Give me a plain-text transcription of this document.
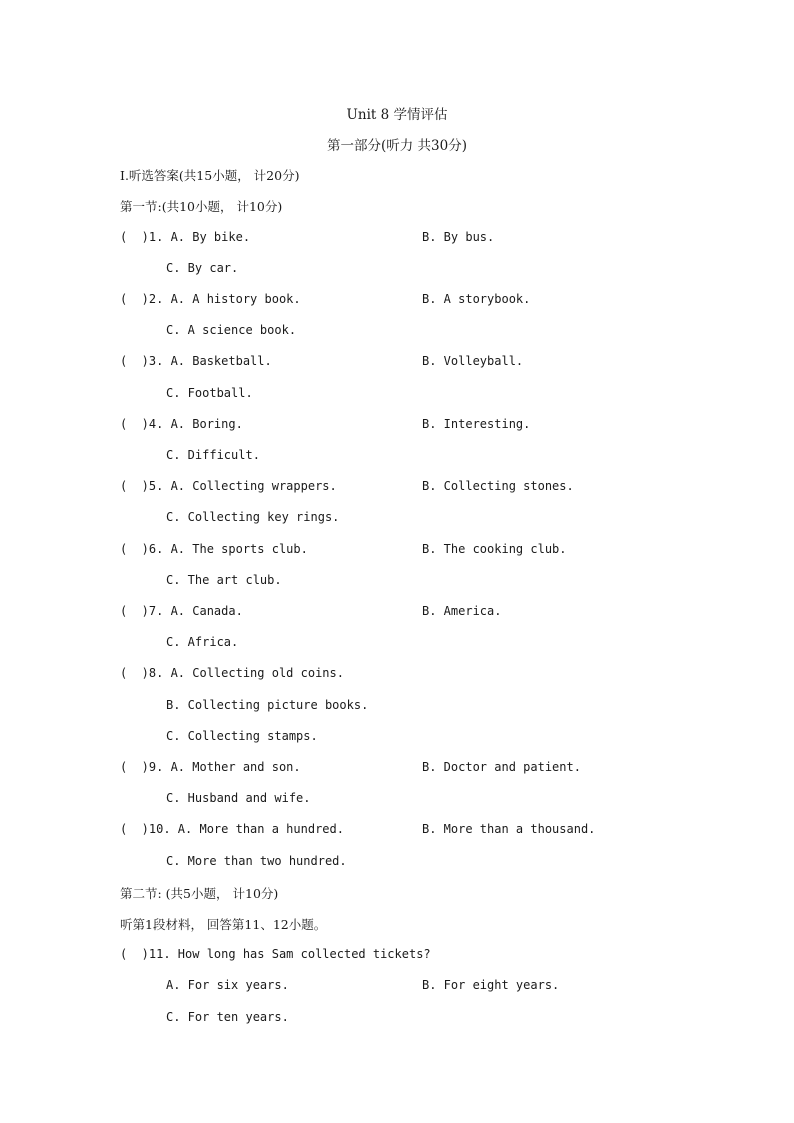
Unit 8 学情评估
第一部分(听力 共30分)
Ⅰ.听选答案(共15小题， 计20分)
第一节:(共10小题， 计10分)
(  )1. A. By bike.	B. By bus.
C. By car.
(  )2. A. A history book.	B. A storybook.
C. A science book.
(  )3. A. Basketball.	B. Volleyball.
C. Football.
(  )4. A. Boring.	B. Interesting.
C. Difficult.
(  )5. A. Collecting wrappers.	B. Collecting stones.
C. Collecting key rings.
(  )6. A. The sports club.	B. The cooking club.
C. The art club.
(  )7. A. Canada.	B. America.
C. Africa.
(  )8. A. Collecting old coins.
B. Collecting picture books.
C. Collecting stamps.
(  )9. A. Mother and son.	B. Doctor and patient.
C. Husband and wife.
(  )10. A. More than a hundred.	B. More than a thousand.
C. More than two hundred.
第二节: (共5小题， 计10分)
听第1段材料， 回答第11、12小题。
(  )11. How long has Sam collected tickets?
A. For six years.	B. For eight years.
C. For ten years.
